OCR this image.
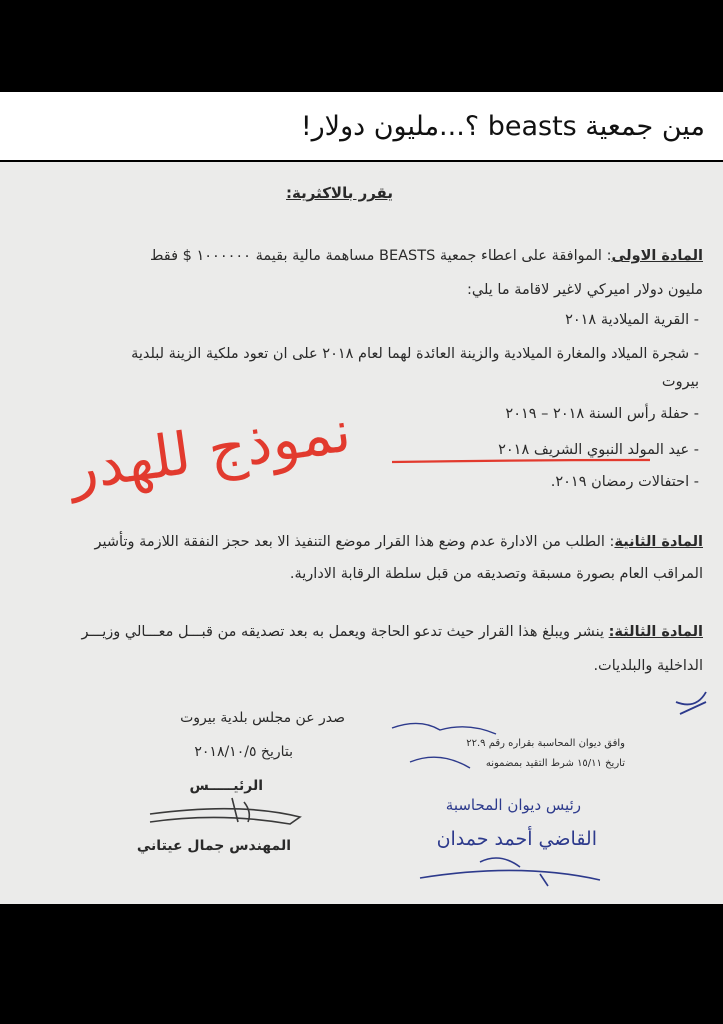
مين جمعية beasts ؟...مليون دولار!
يقرر بالاكثرية:
المادة الاولى: الموافقة على اعطاء جمعية BEASTS مساهمة مالية بقيمة ١٠٠٠٠٠٠ $ فقط
مليون دولار اميركي لاغير لاقامة ما يلي:
- القرية الميلادية ٢٠١٨
- شجرة الميلاد والمغارة الميلادية والزينة العائدة لهما لعام ٢٠١٨ على ان تعود ملكية الزينة لبلدية
بيروت
- حفلة رأس السنة ٢٠١٨ – ٢٠١٩
- عيد المولد النبوي الشريف ٢٠١٨
- احتفالات رمضان ٢٠١٩.
المادة الثانية: الطلب من الادارة عدم وضع هذا القرار موضع التنفيذ الا بعد حجز النفقة اللازمة وتأشير
المراقب العام بصورة مسبقة وتصديقه من قبل سلطة الرقابة الادارية.
المادة الثالثة: ينشر ويبلغ هذا القرار حيث تدعو الحاجة ويعمل به بعد تصديقه من قبـــل معـــالي وزيـــر
الداخلية والبلديات.
صدر عن مجلس بلدية بيروت
بتاريخ ٢٠١٨/١٠/٥
الرئيـــــس
المهندس جمال عيتاني
وافق ديوان المحاسبة بقراره رقم ٢٢.٩
تاريخ ١٥/١١ شرط التقيد بمضمونه
رئيس ديوان المحاسبة
القاضي أحمد حمدان
نموذج للهدر
